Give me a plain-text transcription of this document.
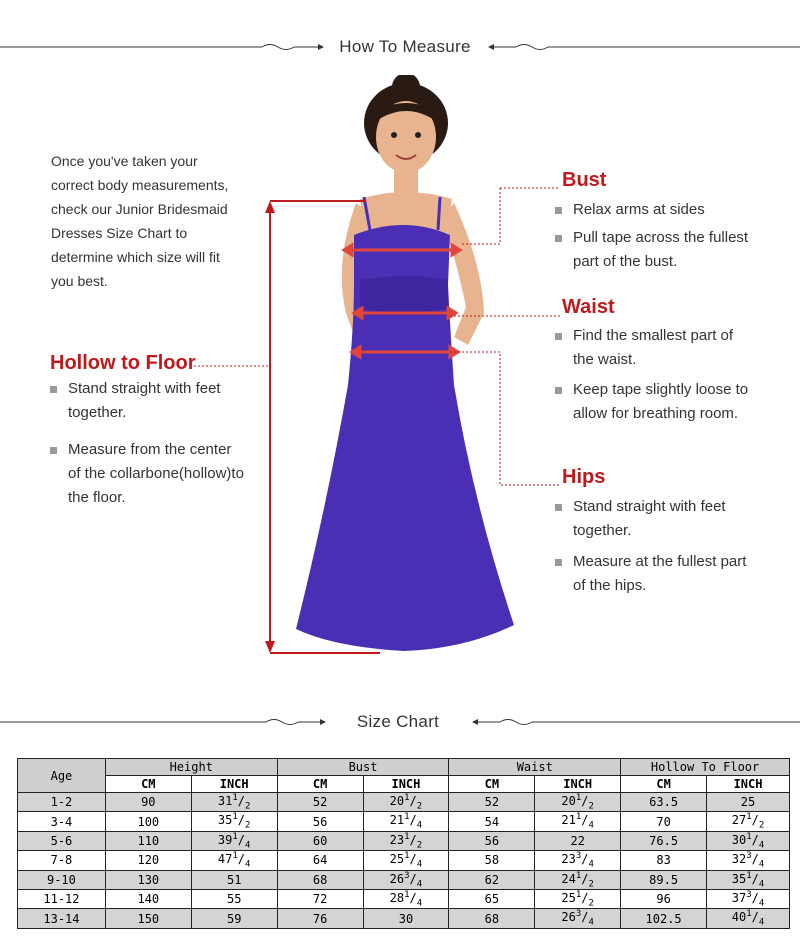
How To Measure
Once you've taken your
correct body measurements,
check our Junior Bridesmaid
Dresses Size Chart to
determine which size will fit
you best.
Hollow to Floor
Stand straight with feet
together.
Measure from the center
of the collarbone(hollow)to
the floor.
Bust
Relax arms at sides
Pull tape across the fullest
part of the bust.
Waist
Find the smallest part of
the waist.
Keep tape slightly loose to
allow for breathing room.
Hips
Stand straight with feet
together.
Measure at the fullest part
of the hips.
Size Chart
Age	Height		Bust		Waist		Hollow To Floor	
	CM	INCH	CM	INCH	CM	INCH	CM	INCH
1-2	90	$31^1/_2$	52	$20^1/_2$	52	$20^1/_2$	63.5	25
3-4	100	$35^1/_2$	56	$21^1/_4$	54	$21^1/_4$	70	$27^1/_2$
5-6	110	$39^1/_4$	60	$23^1/_2$	56	22	76.5	$30^1/_4$
7-8	120	$47^1/_4$	64	$25^1/_4$	58	$23^3/_4$	83	$32^3/_4$
9-10	130	51	68	$26^3/_4$	62	$24^1/_2$	89.5	$35^1/_4$
11-12	140	55	72	$28^1/_4$	65	$25^1/_2$	96	$37^3/_4$
13-14	150	59	76	30	68	$26^3/_4$	102.5	$40^1/_4$
